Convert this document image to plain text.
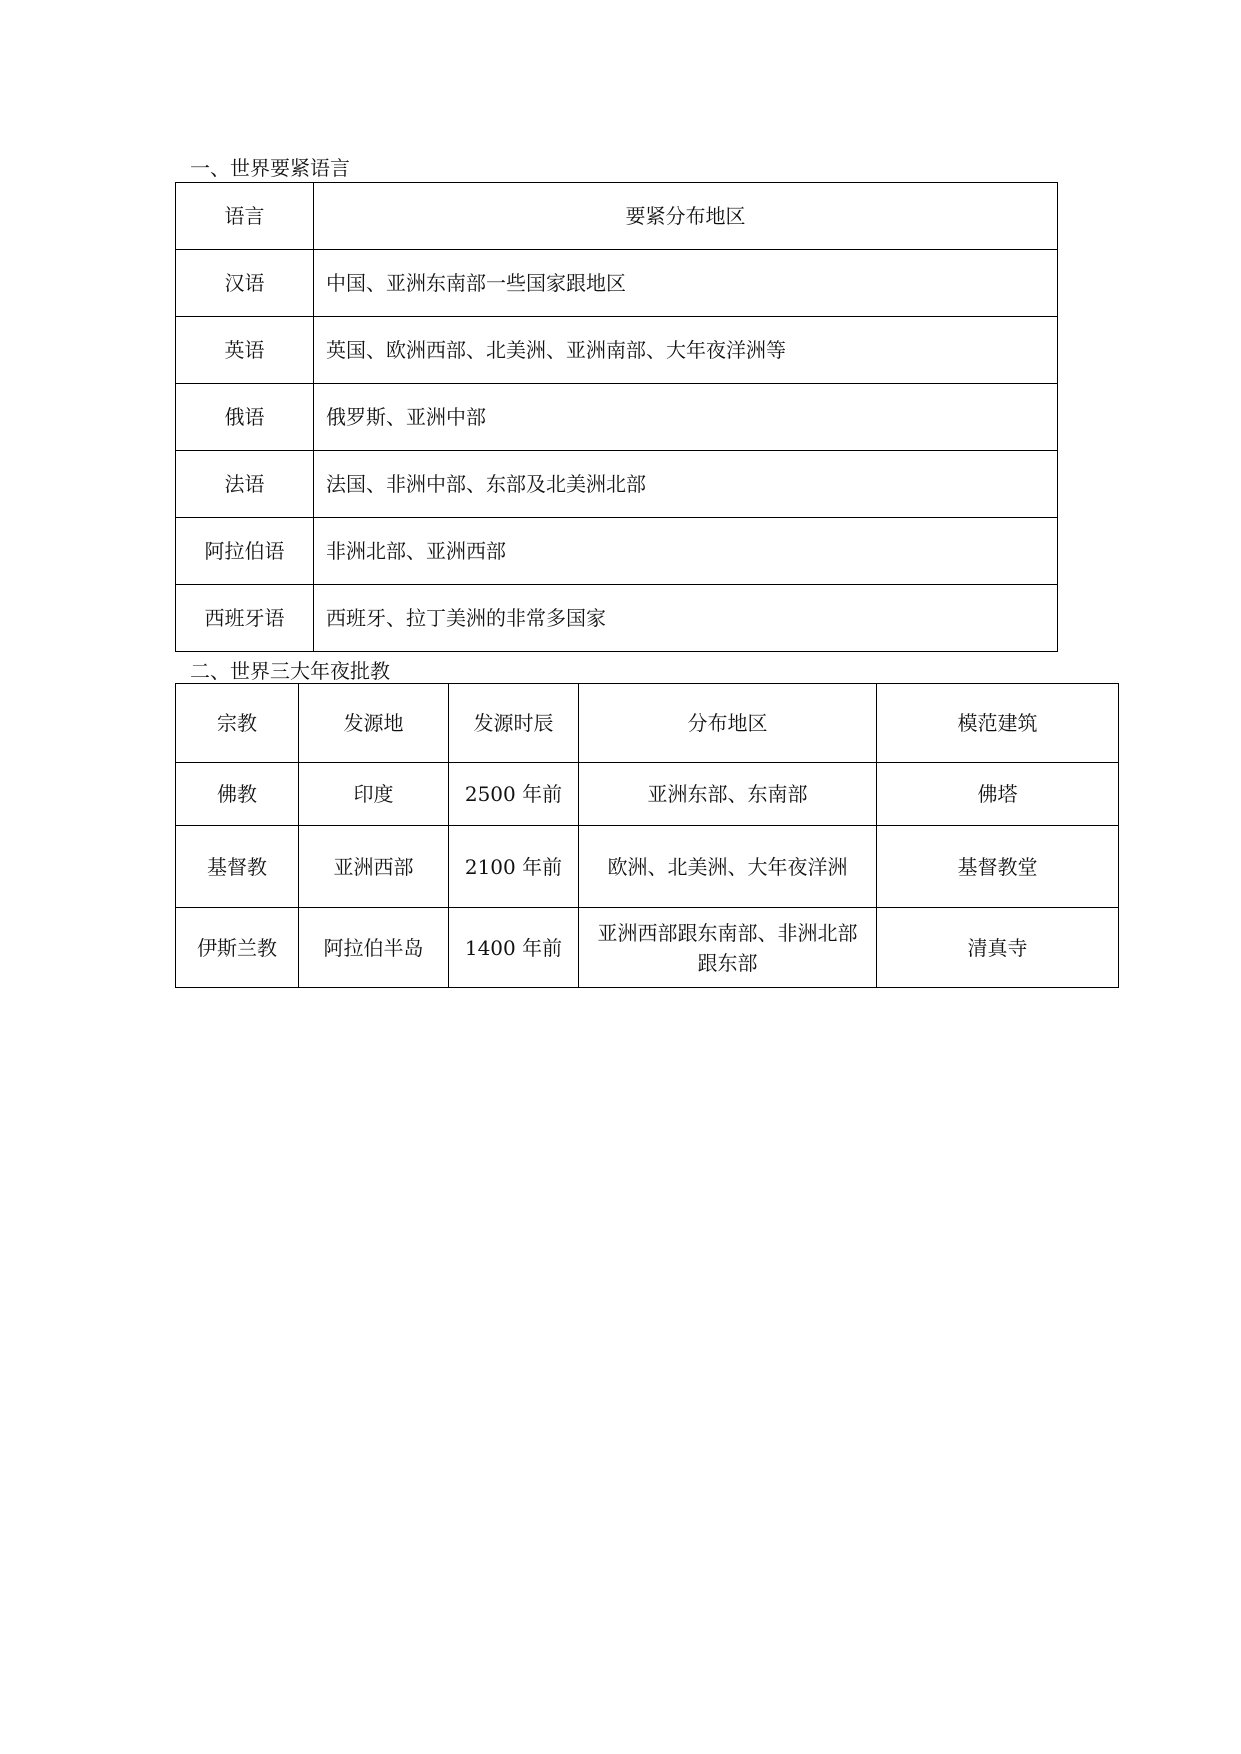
一、世界要紧语言
语言	要紧分布地区
汉语	中国、亚洲东南部一些国家跟地区
英语	英国、欧洲西部、北美洲、亚洲南部、大年夜洋洲等
俄语	俄罗斯、亚洲中部
法语	法国、非洲中部、东部及北美洲北部
阿拉伯语	非洲北部、亚洲西部
西班牙语	西班牙、拉丁美洲的非常多国家
二、世界三大年夜批教
宗教	发源地	发源时辰	分布地区	模范建筑
佛教	印度	2500 年前	亚洲东部、东南部	佛塔
基督教	亚洲西部	2100 年前	欧洲、北美洲、大年夜洋洲	基督教堂
伊斯兰教	阿拉伯半岛	1400 年前	亚洲西部跟东南部、非洲北部跟东部	清真寺
